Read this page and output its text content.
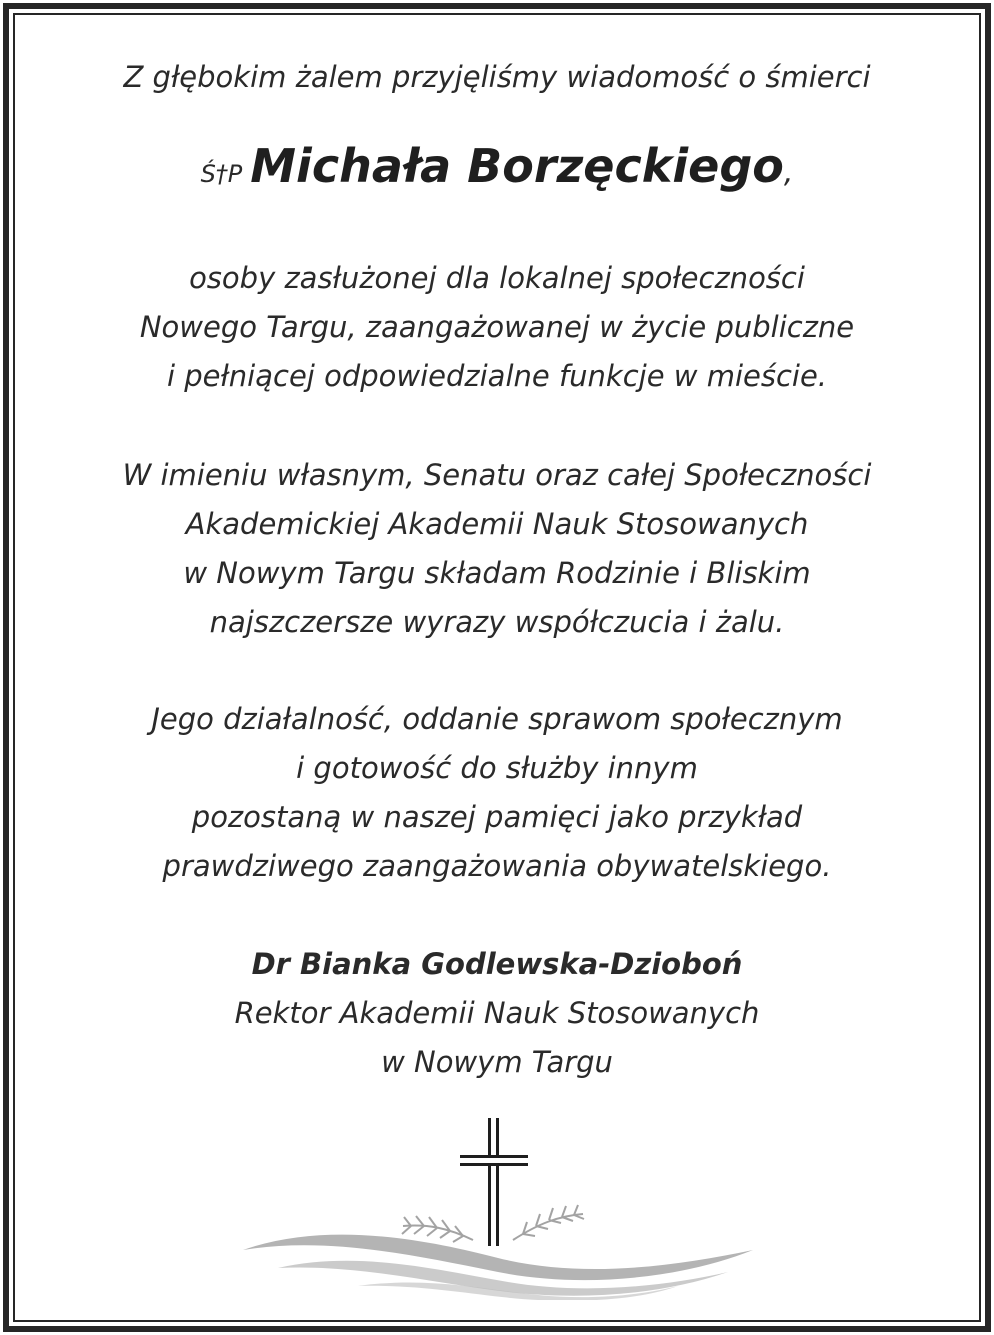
Z głębokim żalem przyjęliśmy wiadomość o śmierci
Ś†P Michała Borzęckiego,
osoby zasłużonej dla lokalnej społeczności
Nowego Targu, zaangażowanej w życie publiczne
i pełniącej odpowiedzialne funkcje w mieście.
W imieniu własnym, Senatu oraz całej Społeczności
Akademickiej Akademii Nauk Stosowanych
w Nowym Targu składam Rodzinie i Bliskim
najszczersze wyrazy współczucia i żalu.
Jego działalność, oddanie sprawom społecznym
i gotowość do służby innym
pozostaną w naszej pamięci jako przykład
prawdziwego zaangażowania obywatelskiego.
Dr Bianka Godlewska-Dzioboń
Rektor Akademii Nauk Stosowanych
w Nowym Targu
